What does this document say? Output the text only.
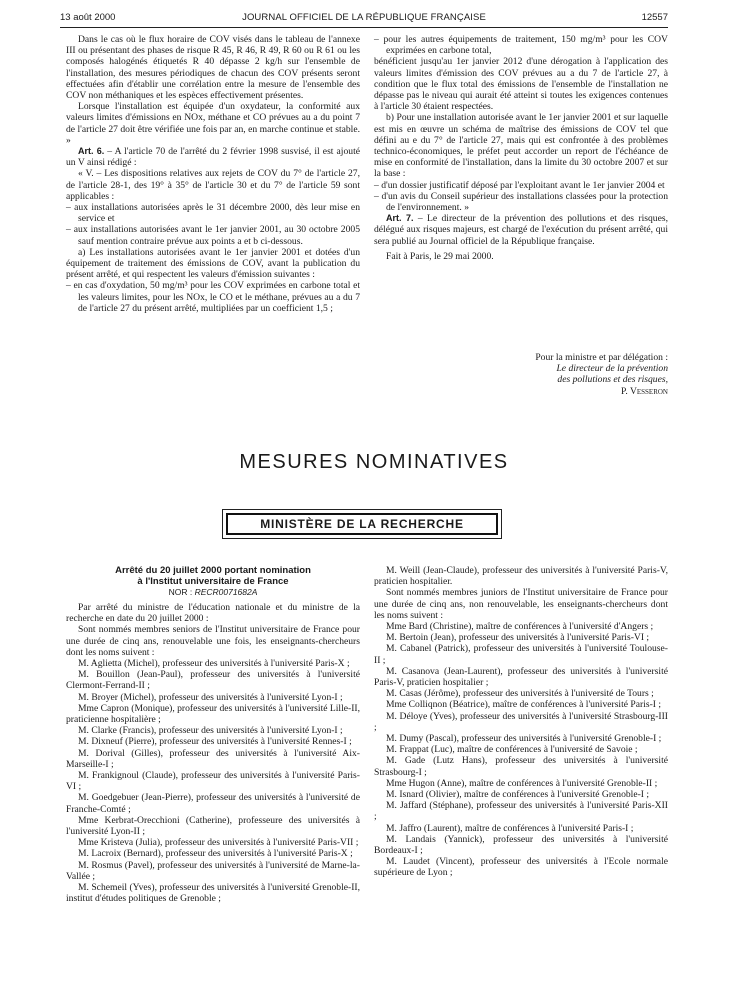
13 août 2000	JOURNAL OFFICIEL DE LA RÉPUBLIQUE FRANÇAISE	12557

Dans le cas où le flux horaire de COV visés dans le tableau de l'annexe III ou présentant des phases de risque R 45, R 46, R 49, R 60 ou R 61 ou les composés halogénés étiquetés R 40 dépasse 2 kg/h sur l'ensemble de l'installation, des mesures périodiques de chacun des COV présents seront effectuées afin d'établir une corrélation entre la mesure de l'ensemble des COV non méthaniques et les espèces effectivement présentes.

Lorsque l'installation est équipée d'un oxydateur, la conformité aux valeurs limites d'émissions en NOx, méthane et CO prévues au a du point 7 de l'article 27 doit être vérifiée une fois par an, en marche continue et stable. »

Art. 6. – A l'article 70 de l'arrêté du 2 février 1998 susvisé, il est ajouté un V ainsi rédigé :

« V. – Les dispositions relatives aux rejets de COV du 7° de l'article 27, de l'article 28-1, des 19° à 35° de l'article 30 et du 7° de l'article 59 sont applicables :

– aux installations autorisées après le 31 décembre 2000, dès leur mise en service et

– aux installations autorisées avant le 1er janvier 2001, au 30 octobre 2005 sauf mention contraire prévue aux points a et b ci-dessous.

a) Les installations autorisées avant le 1er janvier 2001 et dotées d'un équipement de traitement des émissions de COV, avant la publication du présent arrêté, et qui respectent les valeurs d'émission suivantes :

– en cas d'oxydation, 50 mg/m³ pour les COV exprimées en carbone total et les valeurs limites, pour les NOx, le CO et le méthane, prévues au a du 7 de l'article 27 du présent arrêté, multipliées par un coefficient 1,5 ;

– pour les autres équipements de traitement, 150 mg/m³ pour les COV exprimées en carbone total,

bénéficient jusqu'au 1er janvier 2012 d'une dérogation à l'application des valeurs limites d'émission des COV prévues au a du 7 de l'article 27, à condition que le flux total des émissions de l'ensemble de l'installation ne dépasse pas le niveau qui aurait été atteint si toutes les exigences contenues à l'article 30 étaient respectées.

b) Pour une installation autorisée avant le 1er janvier 2001 et sur laquelle est mis en œuvre un schéma de maîtrise des émissions de COV tel que défini au e du 7° de l'article 27, mais qui est confrontée à des problèmes technico-économiques, le préfet peut accorder un report de l'échéance de mise en conformité de l'installation, dans la limite du 30 octobre 2007 et sur la base :

– d'un dossier justificatif déposé par l'exploitant avant le 1er janvier 2004 et

– d'un avis du Conseil supérieur des installations classées pour la protection de l'environnement. »

Art. 7. – Le directeur de la prévention des pollutions et des risques, délégué aux risques majeurs, est chargé de l'exécution du présent arrêté, qui sera publié au Journal officiel de la République française.

Fait à Paris, le 29 mai 2000.

Pour la ministre et par délégation :
Le directeur de la prévention
des pollutions et des risques,
P. Vesseron
MESURES NOMINATIVES
MINISTÈRE DE LA RECHERCHE
Arrêté du 20 juillet 2000 portant nomination
à l'Institut universitaire de France
NOR : RECR0071682A

Par arrêté du ministre de l'éducation nationale et du ministre de la recherche en date du 20 juillet 2000 :

Sont nommés membres seniors de l'Institut universitaire de France pour une durée de cinq ans, renouvelable une fois, les enseignants-chercheurs dont les noms suivent :

M. Aglietta (Michel), professeur des universités à l'université Paris-X ;

M. Bouillon (Jean-Paul), professeur des universités à l'université Clermont-Ferrand-II ;

M. Broyer (Michel), professeur des universités à l'université Lyon-I ;

Mme Capron (Monique), professeur des universités à l'université Lille-II, praticienne hospitalière ;

M. Clarke (Francis), professeur des universités à l'université Lyon-I ;

M. Dixneuf (Pierre), professeur des universités à l'université Rennes-I ;

M. Dorival (Gilles), professeur des universités à l'université Aix-Marseille-I ;

M. Frankignoul (Claude), professeur des universités à l'université Paris-VI ;

M. Goedgebuer (Jean-Pierre), professeur des universités à l'université de Franche-Comté ;

Mme Kerbrat-Orecchioni (Catherine), professeure des universités à l'université Lyon-II ;

Mme Kristeva (Julia), professeur des universités à l'université Paris-VII ;

M. Lacroix (Bernard), professeur des universités à l'université Paris-X ;

M. Rosmus (Pavel), professeur des universités à l'université de Marne-la-Vallée ;

M. Schemeil (Yves), professeur des universités à l'université Grenoble-II, institut d'études politiques de Grenoble ;

M. Weill (Jean-Claude), professeur des universités à l'université Paris-V, praticien hospitalier.

Sont nommés membres juniors de l'Institut universitaire de France pour une durée de cinq ans, non renouvelable, les enseignants-chercheurs dont les noms suivent :

Mme Bard (Christine), maître de conférences à l'université d'Angers ;

M. Bertoin (Jean), professeur des universités à l'université Paris-VI ;

M. Cabanel (Patrick), professeur des universités à l'université Toulouse-II ;

M. Casanova (Jean-Laurent), professeur des universités à l'université Paris-V, praticien hospitalier ;

M. Casas (Jérôme), professeur des universités à l'université de Tours ;

Mme Colliqnon (Béatrice), maître de conférences à l'université Paris-I ;

M. Déloye (Yves), professeur des universités à l'université Strasbourg-III ;

M. Dumy (Pascal), professeur des universités à l'université Grenoble-I ;

M. Frappat (Luc), maître de conférences à l'université de Savoie ;

M. Gade (Lutz Hans), professeur des universités à l'université Strasbourg-I ;

Mme Hugon (Anne), maître de conférences à l'université Grenoble-II ;

M. Isnard (Olivier), maître de conférences à l'université Grenoble-I ;

M. Jaffard (Stéphane), professeur des universités à l'université Paris-XII ;

M. Jaffro (Laurent), maître de conférences à l'université Paris-I ;

M. Landais (Yannick), professeur des universités à l'université Bordeaux-I ;

M. Laudet (Vincent), professeur des universités à l'Ecole normale supérieure de Lyon ;
